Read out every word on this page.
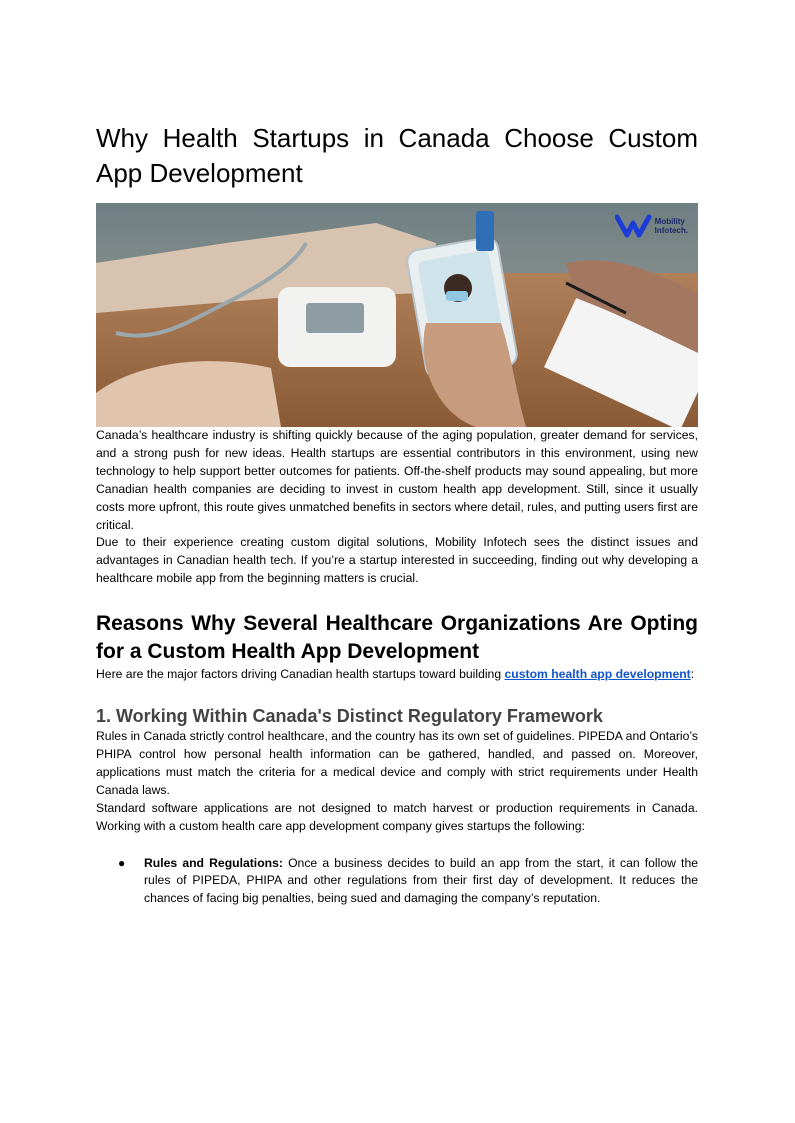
Why Health Startups in Canada Choose Custom App Development
Mobility
Infotech.

Canada’s healthcare industry is shifting quickly because of the aging population, greater demand for services, and a strong push for new ideas. Health startups are essential contributors in this environment, using new technology to help support better outcomes for patients. Off-the-shelf products may sound appealing, but more Canadian health companies are deciding to invest in custom health app development. Still, since it usually costs more upfront, this route gives unmatched benefits in sectors where detail, rules, and putting users first are critical.

Due to their experience creating custom digital solutions, Mobility Infotech sees the distinct issues and advantages in Canadian health tech. If you’re a startup interested in succeeding, finding out why developing a healthcare mobile app from the beginning matters is crucial.

Reasons Why Several Healthcare Organizations Are Opting for a Custom Health App Development

Here are the major factors driving Canadian health startups toward building custom health app development:

1. Working Within Canada's Distinct Regulatory Framework

Rules in Canada strictly control healthcare, and the country has its own set of guidelines. PIPEDA and Ontario’s PHIPA control how personal health information can be gathered, handled, and passed on. Moreover, applications must match the criteria for a medical device and comply with strict requirements under Health Canada laws.

Standard software applications are not designed to match harvest or production requirements in Canada. Working with a custom health care app development company gives startups the following:

● Rules and Regulations: Once a business decides to build an app from the start, it can follow the rules of PIPEDA, PHIPA and other regulations from their first day of development. It reduces the chances of facing big penalties, being sued and damaging the company’s reputation.
